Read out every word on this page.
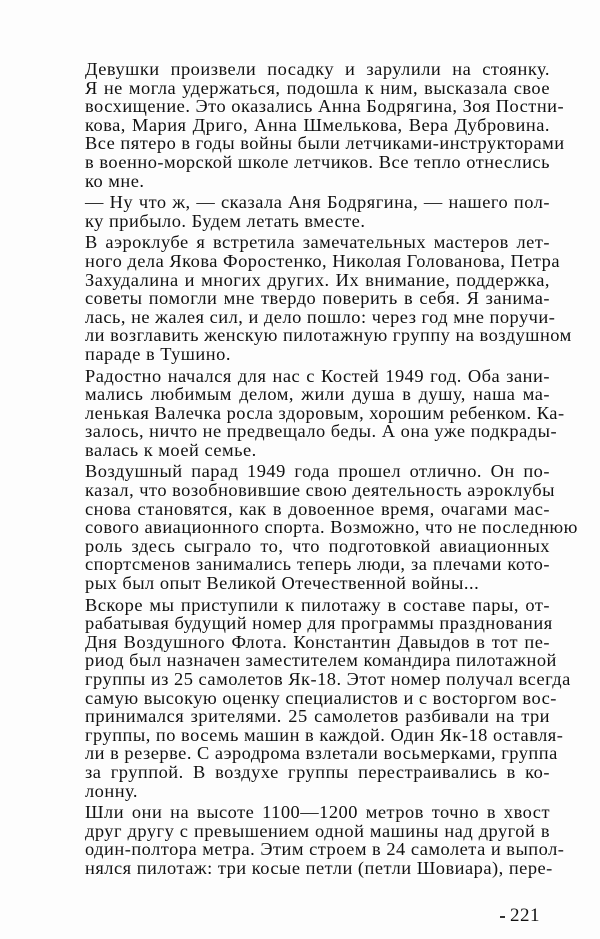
Девушки произвели посадку и зарулили на стоянку.
Я не могла удержаться, подошла к ним, высказала свое
восхищение. Это оказались Анна Бодрягина, Зоя Постни-
кова, Мария Дриго, Анна Шмелькова, Вера Дубровина.
Все пятеро в годы войны были летчиками-инструкторами
в военно-морской школе летчиков. Все тепло отнеслись
ко мне.
— Ну что ж, — сказала Аня Бодрягина, — нашего пол-
ку прибыло. Будем летать вместе.
В аэроклубе я встретила замечательных мастеров лет-
ного дела Якова Форостенко, Николая Голованова, Петра
Захудалина и многих других. Их внимание, поддержка,
советы помогли мне твердо поверить в себя. Я занима-
лась, не жалея сил, и дело пошло: через год мне поручи-
ли возглавить женскую пилотажную группу на воздушном
параде в Тушино.
Радостно начался для нас с Костей 1949 год. Оба зани-
мались любимым делом, жили душа в душу, наша ма-
ленькая Валечка росла здоровым, хорошим ребенком. Ка-
залось, ничто не предвещало беды. А она уже подкрады-
валась к моей семье.
Воздушный парад 1949 года прошел отлично. Он по-
казал, что возобновившие свою деятельность аэроклубы
снова становятся, как в довоенное время, очагами мас-
сового авиационного спорта. Возможно, что не последнюю
роль здесь сыграло то, что подготовкой авиационных
спортсменов занимались теперь люди, за плечами кото-
рых был опыт Великой Отечественной войны...
Вскоре мы приступили к пилотажу в составе пары, от-
рабатывая будущий номер для программы празднования
Дня Воздушного Флота. Константин Давыдов в тот пе-
риод был назначен заместителем командира пилотажной
группы из 25 самолетов Як-18. Этот номер получал всегда
самую высокую оценку специалистов и с восторгом вос-
принимался зрителями. 25 самолетов разбивали на три
группы, по восемь машин в каждой. Один Як-18 оставля-
ли в резерве. С аэродрома взлетали восьмерками, группа
за группой. В воздухе группы перестраивались в ко-
лонну.
Шли они на высоте 1100—1200 метров точно в хвост
друг другу с превышением одной машины над другой в
один-полтора метра. Этим строем в 24 самолета и выпол-
нялся пилотаж: три косые петли (петли Шовиара), пере-
221
